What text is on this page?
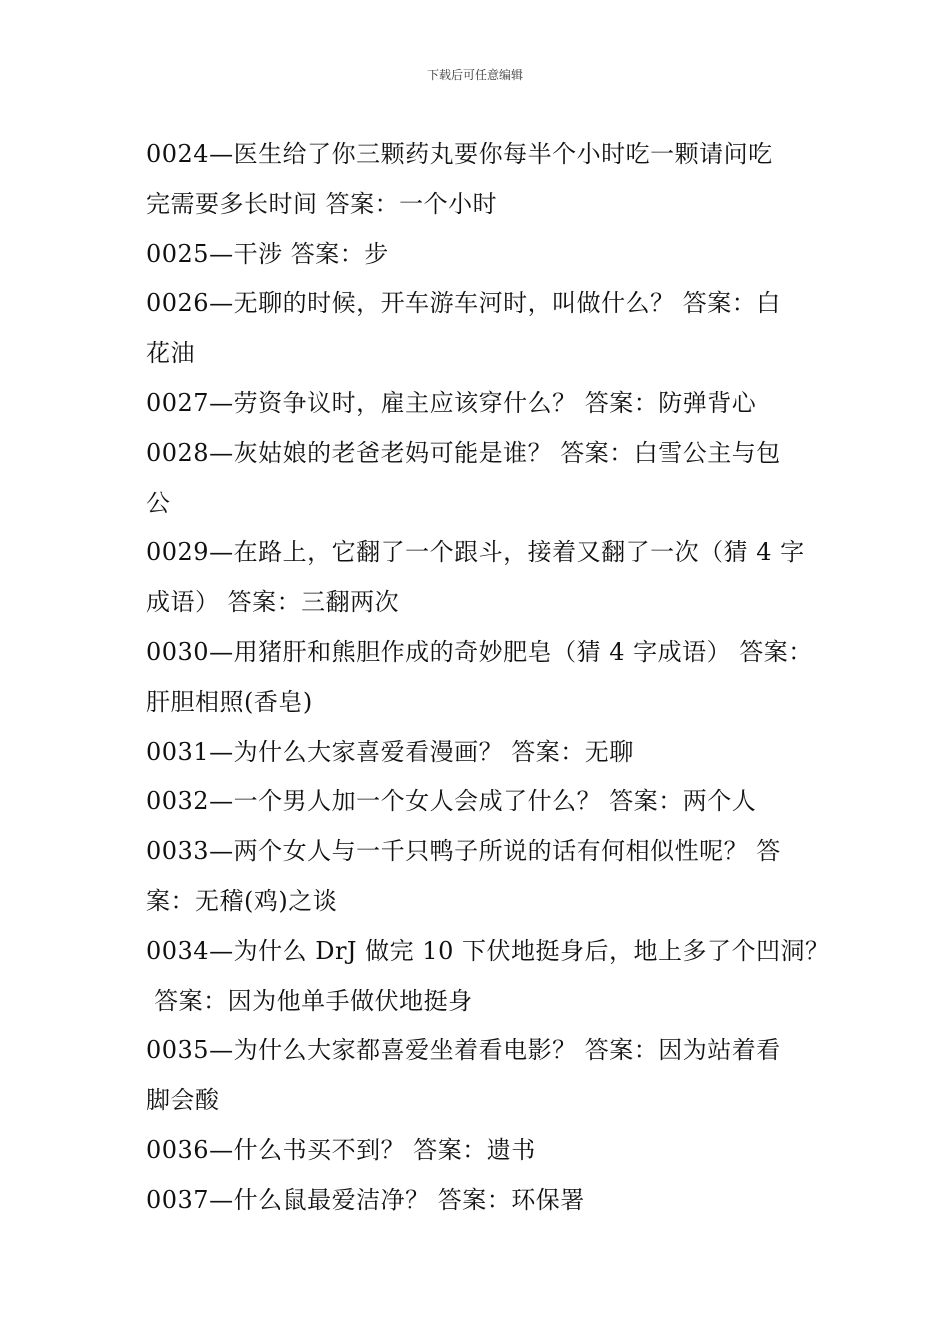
下载后可任意编辑
0024—医生给了你三颗药丸要你每半个小时吃一颗请问吃
完需要多长时间 答案：一个小时
0025—干涉 答案：步
0026—无聊的时候，开车游车河时，叫做什么？ 答案：白
花油
0027—劳资争议时，雇主应该穿什么？ 答案：防弹背心
0028—灰姑娘的老爸老妈可能是谁？ 答案：白雪公主与包
公
0029—在路上，它翻了一个跟斗，接着又翻了一次（猜 4 字
成语） 答案：三翻两次
0030—用猪肝和熊胆作成的奇妙肥皂（猜 4 字成语） 答案：
肝胆相照(香皂)
0031—为什么大家喜爱看漫画？ 答案：无聊
0032—一个男人加一个女人会成了什么？ 答案：两个人
0033—两个女人与一千只鸭子所说的话有何相似性呢？ 答
案：无稽(鸡)之谈
0034—为什么 DrJ 做完 10 下伏地挺身后，地上多了个凹洞？
答案：因为他单手做伏地挺身
0035—为什么大家都喜爱坐着看电影？ 答案：因为站着看
脚会酸
0036—什么书买不到？ 答案：遗书
0037—什么鼠最爱洁净？ 答案：环保署
